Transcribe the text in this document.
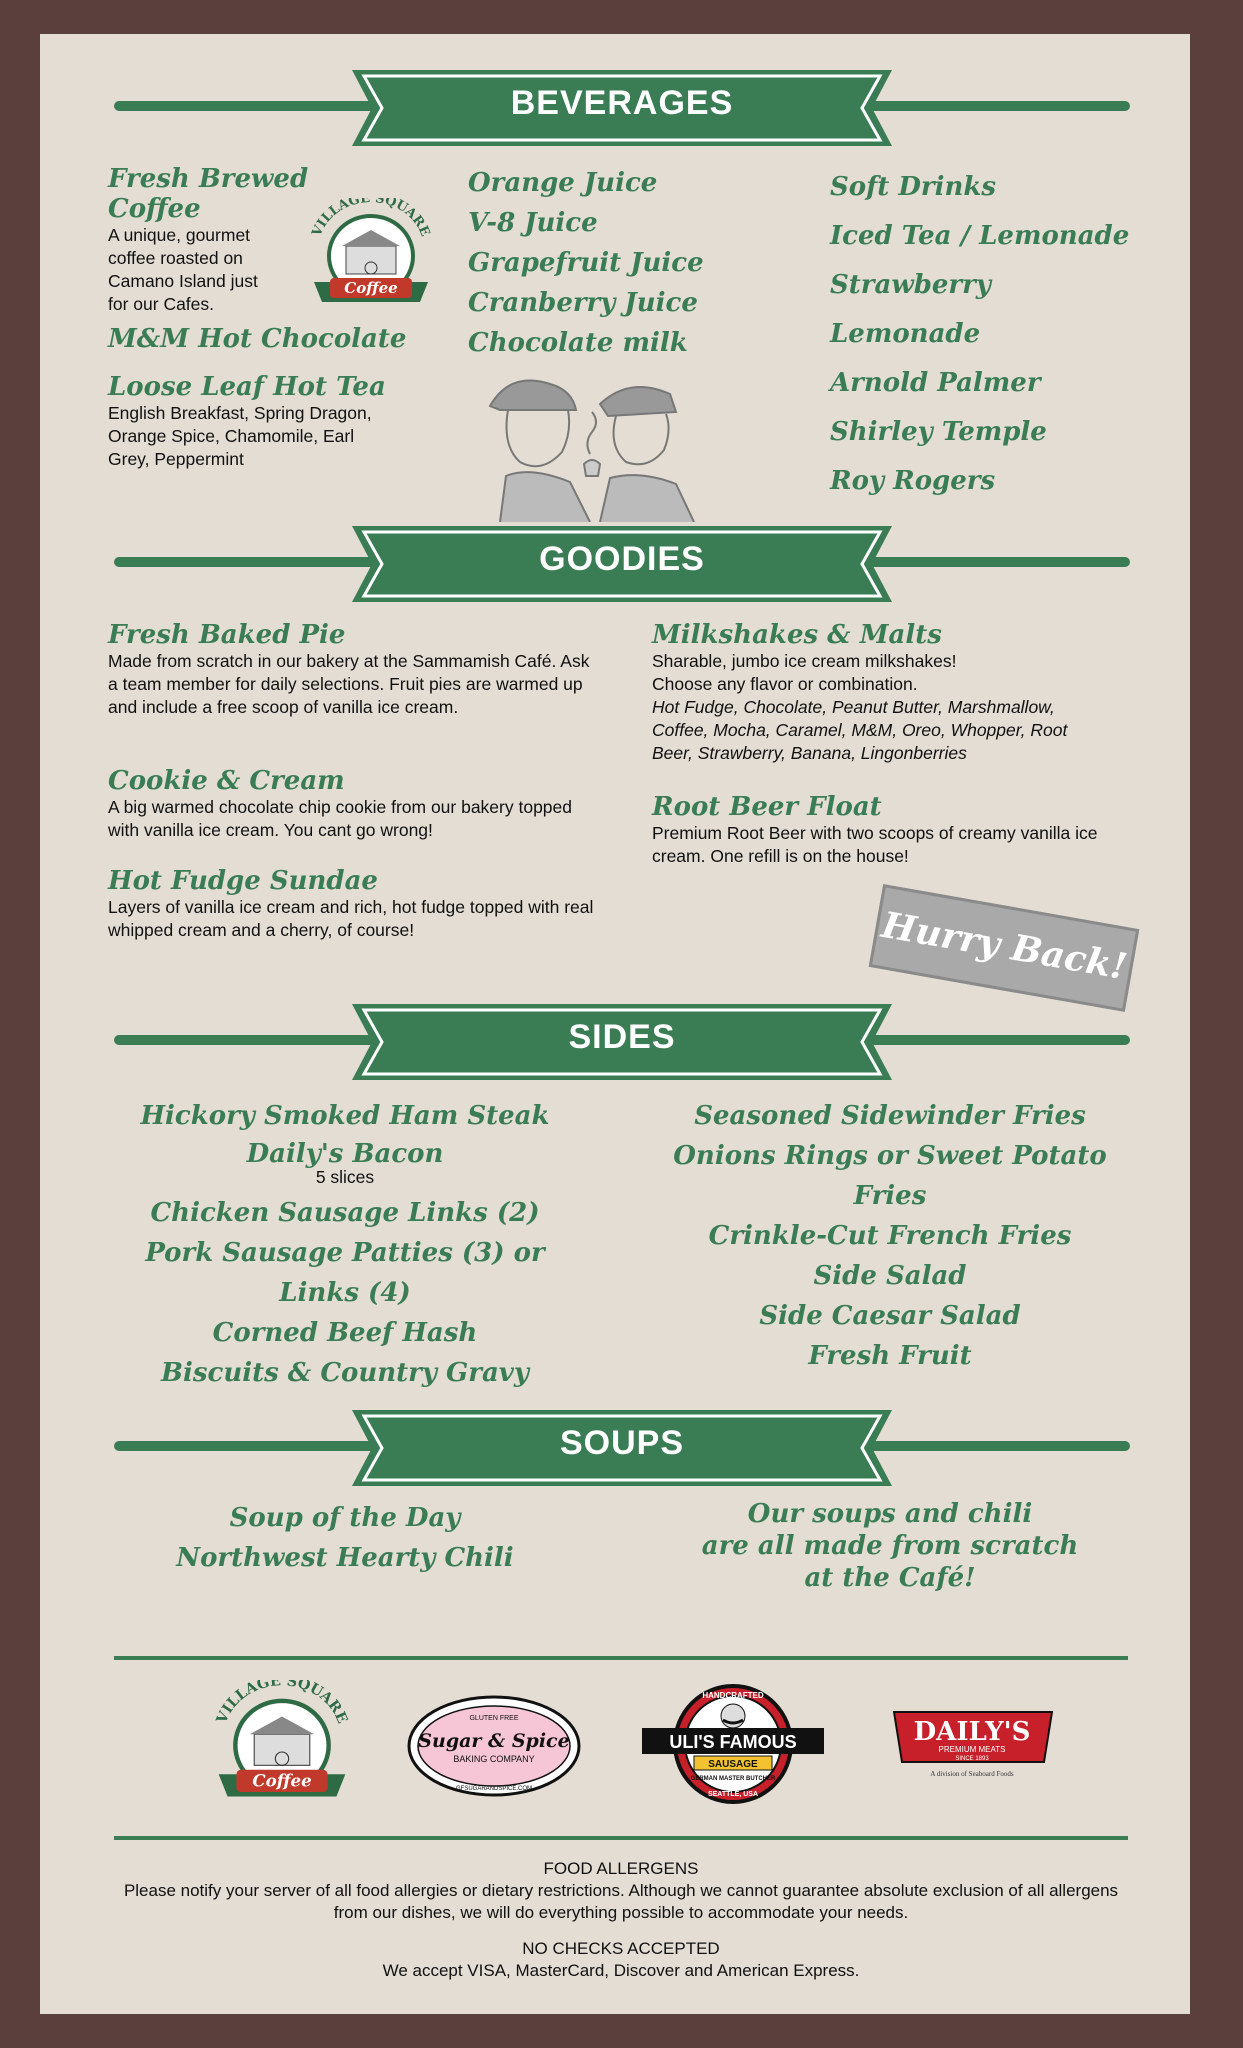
BEVERAGES

Fresh Brewed Coffee

A unique, gourmet coffee roasted on Camano Island just for our Cafes.

M&M Hot Chocolate

Loose Leaf Hot Tea

English Breakfast, Spring Dragon, Orange Spice, Chamomile, Earl Grey, Peppermint
VILLAGE SQUARE
Coffee

Orange Juice

V-8 Juice

Grapefruit Juice

Cranberry Juice

Chocolate milk

Soft Drinks

Iced Tea / Lemonade

Strawberry Lemonade

Arnold Palmer

Shirley Temple

Roy Rogers

GOODIES

Fresh Baked Pie

Made from scratch in our bakery at the Sammamish Café. Ask a team member for daily selections. Fruit pies are warmed up and include a free scoop of vanilla ice cream.

Cookie & Cream

A big warmed chocolate chip cookie from our bakery topped with vanilla ice cream. You cant go wrong!

Hot Fudge Sundae

Layers of vanilla ice cream and rich, hot fudge topped with real whipped cream and a cherry, of course!

Milkshakes & Malts

Sharable, jumbo ice cream milkshakes!
Choose any flavor or combination.
Hot Fudge, Chocolate, Peanut Butter, Marshmallow, Coffee, Mocha, Caramel, M&M, Oreo, Whopper, Root Beer, Strawberry, Banana, Lingonberries

Root Beer Float

Premium Root Beer with two scoops of creamy vanilla ice cream. One refill is on the house!
Hurry Back!
SIDES

Hickory Smoked Ham Steak

Daily's Bacon

5 slices

Chicken Sausage Links (2)

Pork Sausage Patties (3) or Links (4)

Corned Beef Hash

Biscuits & Country Gravy

Seasoned Sidewinder Fries

Onions Rings or Sweet Potato Fries

Crinkle-Cut French Fries

Side Salad

Side Caesar Salad

Fresh Fruit

SOUPS

Soup of the Day

Northwest Hearty Chili

Our soups and chili

are all made from scratch

at the Café!

VILLAGE SQUARE
Coffee
GLUTEN FREE
Sugar & Spice
BAKING COMPANY
GFSUGARANDSPICE.COM
HANDCRAFTED
ULI'S FAMOUS
SAUSAGE
GERMAN MASTER BUTCHER
SEATTLE, USA
DAILY'S
PREMIUM MEATS
SINCE 1893
A division of Seaboard Foods
FOOD ALLERGENS
Please notify your server of all food allergies or dietary restrictions. Although we cannot guarantee absolute exclusion of all allergens from our dishes, we will do everything possible to accommodate your needs.
NO CHECKS ACCEPTED
We accept VISA, MasterCard, Discover and American Express.
